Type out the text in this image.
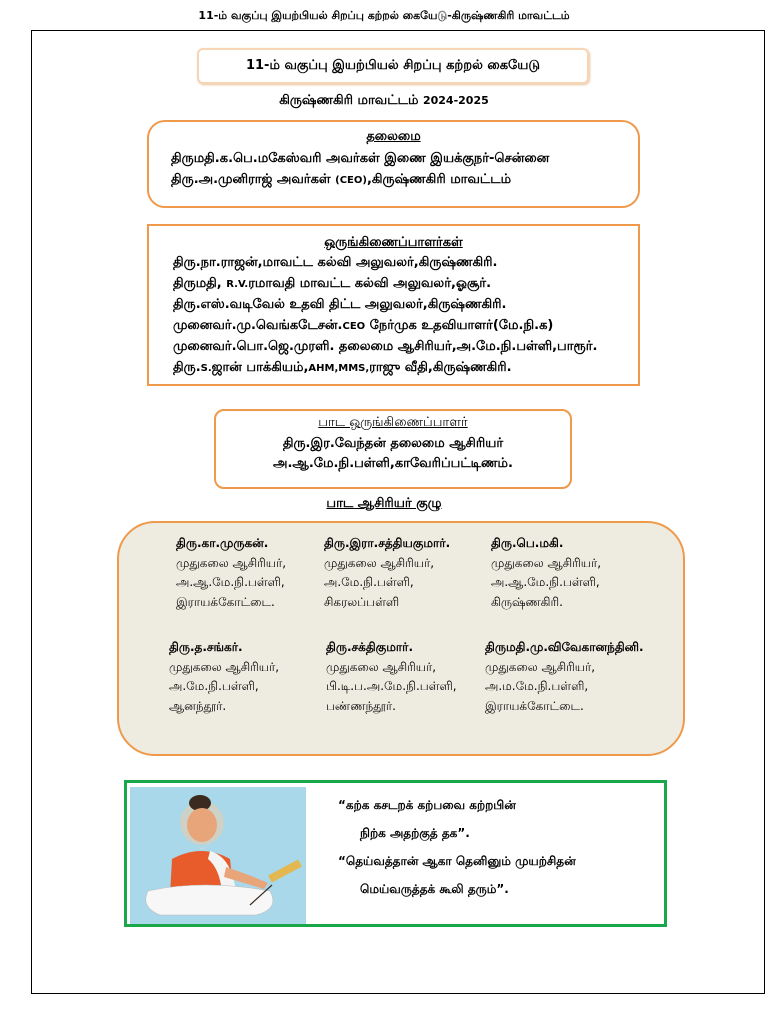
11-ம் வகுப்பு இயற்பியல் சிறப்பு கற்றல் கையேடு-கிருஷ்ணகிரி மாவட்டம்
11-ம் வகுப்பு இயற்பியல் சிறப்பு கற்றல் கையேடு
கிருஷ்ணகிரி மாவட்டம் 2024-2025
தலைமை
திருமதி.க.பெ.மகேஸ்வரி அவர்கள் இணை இயக்குநர்-சென்னை
திரு.அ.முனிராஜ் அவர்கள் (CEO),கிருஷ்ணகிரி மாவட்டம்
ஒருங்கிணைப்பாளர்கள்
திரு.நா.ராஜன்,மாவட்ட கல்வி அலுவலர்,கிருஷ்ணகிரி.
திருமதி, R.V.ரமாவதி மாவட்ட கல்வி அலுவலர்,ஓசூர்.
திரு.எஸ்.வடிவேல் உதவி திட்ட அலுவலர்,கிருஷ்ணகிரி.
முனைவர்.மு.வெங்கடேசன்.CEO நேர்முக உதவியாளர்(மே.நி.க)
முனைவர்.பொ.ஜெ.முரளி. தலைமை ஆசிரியர்,அ.மே.நி.பள்ளி,பாரூர்.
திரு.S.ஜான் பாக்கியம்,AHM,MMS,ராஜு வீதி,கிருஷ்ணகிரி.
பாட ஒருங்கிணைப்பாளர்
திரு.இர.வேந்தன் தலைமை ஆசிரியர்
அ.ஆ.மே.நி.பள்ளி,காவேரிப்பட்டிணம்.
பாட ஆசிரியர் குழு
திரு.கா.முருகன்.
முதுகலை ஆசிரியர்,
அ.ஆ.மே.நி.பள்ளி,
இராயக்கோட்டை.
திரு.இரா.சத்தியகுமார்.
முதுகலை ஆசிரியர்,
அ.மே.நி.பள்ளி,
சிகரலப்பள்ளி
திரு.பெ.மகி.
முதுகலை ஆசிரியர்,
அ.ஆ.மே.நி.பள்ளி,
கிருஷ்ணகிரி.
திரு.த.சங்கர்.
முதுகலை ஆசிரியர்,
அ.மே.நி.பள்ளி,
ஆனந்தூர்.
திரு.சக்திகுமார்.
முதுகலை ஆசிரியர்,
பி.டி.ப.அ.மே.நி.பள்ளி,
பண்ணந்தூர்.
திருமதி.மு.விவேகானந்தினி.
முதுகலை ஆசிரியர்,
அ.ம.மே.நி.பள்ளி,
இராயக்கோட்டை.
“கற்க கசடறக் கற்பவை கற்றபின்
நிற்க அதற்குத் தக”.
“தெய்வத்தான் ஆகா தெனினும் முயற்சிதன்
மெய்வருத்தக் கூலி தரும்”.
